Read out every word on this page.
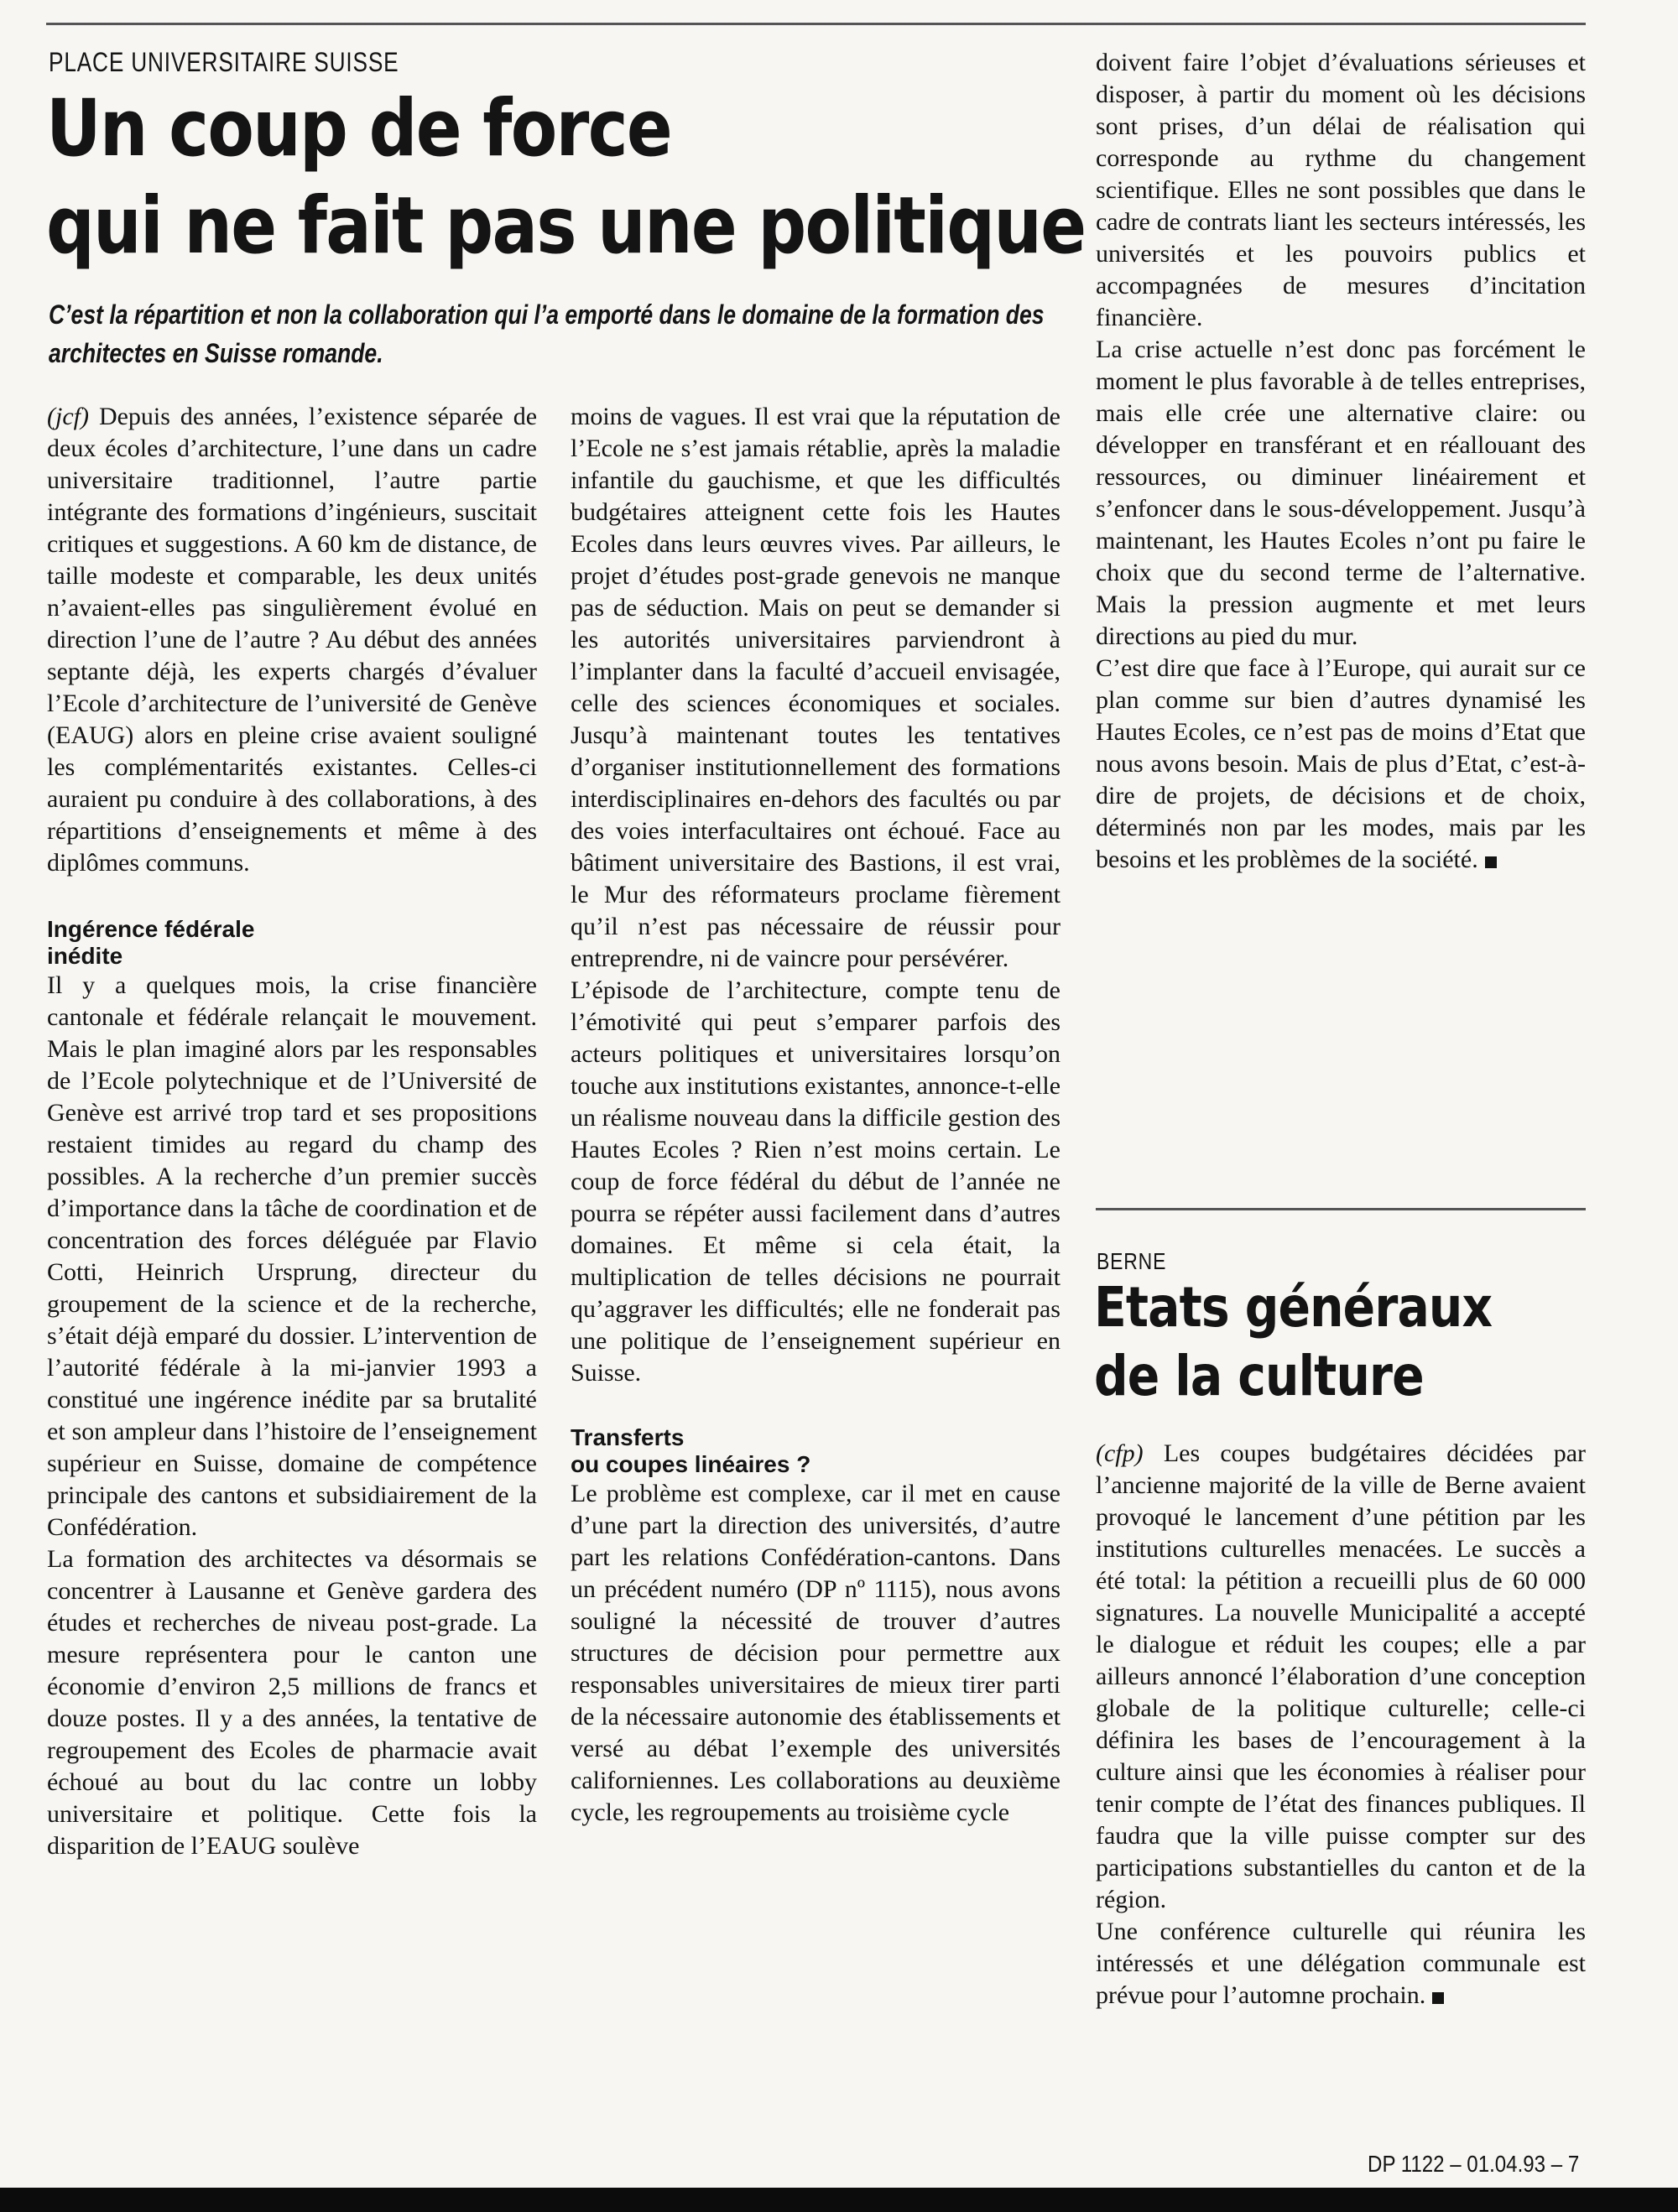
PLACE UNIVERSITAIRE SUISSE
Un coup de force
qui ne fait pas une politique
C’est la répartition et non la collaboration qui l’a emporté dans le domaine de la formation des architectes en Suisse romande.

(jcf) Depuis des années, l’existence séparée de deux écoles d’architecture, l’une dans un cadre universitaire traditionnel, l’autre partie intégrante des formations d’ingénieurs, suscitait critiques et suggestions. A 60 km de distance, de taille modeste et comparable, les deux unités n’avaient-elles pas singulièrement évolué en direction l’une de l’autre ? Au début des années septante déjà, les experts chargés d’évaluer l’Ecole d’architecture de l’université de Genève (EAUG) alors en pleine crise avaient souligné les complémentarités existantes. Celles-ci auraient pu conduire à des collaborations, à des répartitions d’enseignements et même à des diplômes communs.

Ingérence fédérale
inédite

Il y a quelques mois, la crise financière cantonale et fédérale relançait le mouvement. Mais le plan imaginé alors par les responsables de l’Ecole polytechnique et de l’Université de Genève est arrivé trop tard et ses propositions restaient timides au regard du champ des possibles. A la recherche d’un premier succès d’importance dans la tâche de coordination et de concentration des forces déléguée par Flavio Cotti, Heinrich Ursprung, directeur du groupement de la science et de la recherche, s’était déjà emparé du dossier. L’intervention de l’autorité fédérale à la mi-janvier 1993 a constitué une ingérence inédite par sa brutalité et son ampleur dans l’histoire de l’enseignement supérieur en Suisse, domaine de compétence principale des cantons et subsidiairement de la Confédération.

La formation des architectes va désormais se concentrer à Lausanne et Genève gardera des études et recherches de niveau post-grade. La mesure représentera pour le canton une économie d’environ 2,5 millions de francs et douze postes. Il y a des années, la tentative de regroupement des Ecoles de pharmacie avait échoué au bout du lac contre un lobby universitaire et politique. Cette fois la disparition de l’EAUG soulève

moins de vagues. Il est vrai que la réputation de l’Ecole ne s’est jamais rétablie, après la maladie infantile du gauchisme, et que les difficultés budgétaires atteignent cette fois les Hautes Ecoles dans leurs œuvres vives. Par ailleurs, le projet d’études post-grade genevois ne manque pas de séduction. Mais on peut se demander si les autorités universitaires parviendront à l’implanter dans la faculté d’accueil envisagée, celle des sciences économiques et sociales. Jusqu’à maintenant toutes les tentatives d’organiser institutionnellement des formations interdisciplinaires en-dehors des facultés ou par des voies interfacultaires ont échoué. Face au bâtiment universitaire des Bastions, il est vrai, le Mur des réformateurs proclame fièrement qu’il n’est pas nécessaire de réussir pour entreprendre, ni de vaincre pour persévérer.

L’épisode de l’architecture, compte tenu de l’émotivité qui peut s’emparer parfois des acteurs politiques et universitaires lorsqu’on touche aux institutions existantes, annonce-t-elle un réalisme nouveau dans la difficile gestion des Hautes Ecoles ? Rien n’est moins certain. Le coup de force fédéral du début de l’année ne pourra se répéter aussi facilement dans d’autres domaines. Et même si cela était, la multiplication de telles décisions ne pourrait qu’aggraver les difficultés; elle ne fonderait pas une politique de l’enseignement supérieur en Suisse.

Transferts
ou coupes linéaires ?

Le problème est complexe, car il met en cause d’une part la direction des universités, d’autre part les relations Confédération-cantons. Dans un précédent numéro (DP nº 1115), nous avons souligné la nécessité de trouver d’autres structures de décision pour permettre aux responsables universitaires de mieux tirer parti de la nécessaire autonomie des établissements et versé au débat l’exemple des universités californiennes. Les collaborations au deuxième cycle, les regroupements au troisième cycle

doivent faire l’objet d’évaluations sérieuses et disposer, à partir du moment où les décisions sont prises, d’un délai de réalisation qui corresponde au rythme du changement scientifique. Elles ne sont possibles que dans le cadre de contrats liant les secteurs intéressés, les universités et les pouvoirs publics et accompagnées de mesures d’incitation financière.

La crise actuelle n’est donc pas forcément le moment le plus favorable à de telles entreprises, mais elle crée une alternative claire: ou développer en transférant et en réallouant des ressources, ou diminuer linéairement et s’enfoncer dans le sous-développement. Jusqu’à maintenant, les Hautes Ecoles n’ont pu faire le choix que du second terme de l’alternative. Mais la pression augmente et met leurs directions au pied du mur.

C’est dire que face à l’Europe, qui aurait sur ce plan comme sur bien d’autres dynamisé les Hautes Ecoles, ce n’est pas de moins d’Etat que nous avons besoin. Mais de plus d’Etat, c’est-à-dire de projets, de décisions et de choix, déterminés non par les modes, mais par les besoins et les problèmes de la société.

BERNE
Etats généraux
de la culture

(cfp) Les coupes budgétaires décidées par l’ancienne majorité de la ville de Berne avaient provoqué le lancement d’une pétition par les institutions culturelles menacées. Le succès a été total: la pétition a recueilli plus de 60 000 signatures. La nouvelle Municipalité a accepté le dialogue et réduit les coupes; elle a par ailleurs annoncé l’élaboration d’une conception globale de la politique culturelle; celle-ci définira les bases de l’encouragement à la culture ainsi que les économies à réaliser pour tenir compte de l’état des finances publiques. Il faudra que la ville puisse compter sur des participations substantielles du canton et de la région.

Une conférence culturelle qui réunira les intéressés et une délégation communale est prévue pour l’automne prochain.

DP 1122 – 01.04.93 – 7
